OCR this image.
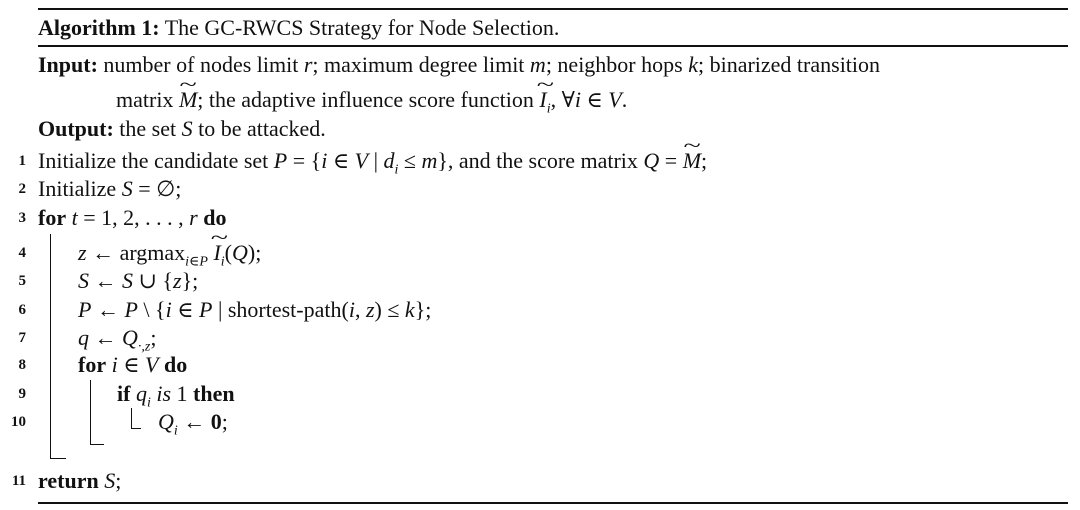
Algorithm 1: The GC-RWCS Strategy for Node Selection.
Input: number of nodes limit r; maximum degree limit m; neighbor hops k; binarized transition
matrix ~ M; the adaptive influence score function ~ $I_i$, ∀i ∈ V.
Output: the set S to be attacked.
1 Initialize the candidate set P = {i ∈ V | $d_i \le m$}, and the score matrix Q = ~ M;
2 Initialize S = ∅;
3 for t = 1, 2, . . . , r do
4 z ← argmax$_{i\in P}$ ~ $I_i(Q)$;
5 S ← S ∪ {z};
6 P ← P \ {i ∈ P | shortest-path(i, z) ≤ k};
7 q ← $Q_{\cdot,z}$;
8 for i ∈ V do
9	if $q_i$ is 1 then
10	$Q_i$ ← 0;
11 return S;
